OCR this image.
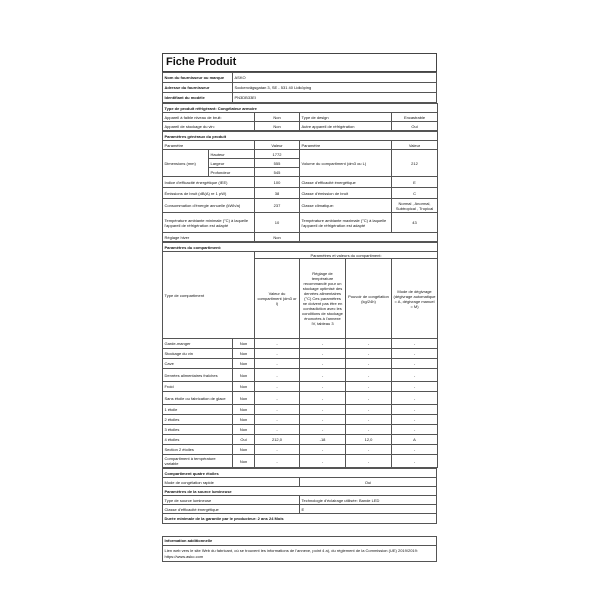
Fiche Produit
Nom du fournisseur ou marque	ASKO
Adresse du fournisseur	Sockenvägsgatan 3, SE - 531 40 Lidköping
Identifiant du modèle	PN3DB33EI
Type de produit réfrigérant: Congélateur armoire			
Appareil à faible niveau de bruit:	Non	Type de design	Encastrable
Appareil de stockage du vin:	Non	Autre appareil de réfrigération	Oui
Paramètres généraux du produit				
Paramètre		Valeur	Paramètre	Valeur
Dimensions (mm)	Hauteur	1772	Volume du compartiment (dm3 ou L)	212
	Largeur	555		
	Profondeur	545		
Indice d'efficacité énergétique (IEE)		100	Classe d'efficacité énergétique	E
Émissions de bruit (dB(A) re 1 pW)		38	Classe d'émission de bruit	C
Consommation d'énergie annuelle (kWh/a)		237	Classe climatique:	Normal , Anormal, Subtropical , Tropical
Température ambiante minimale (°C) à laquelle l'appareil de réfrigération est adapté		10	Température ambiante maximale (°C) à laquelle l'appareil de réfrigération est adapté	43
Réglage hiver		Non		
Paramètres du compartiment:					
Type de compartiment		Paramètres et valeurs du compartiment:			
		Valeur du compartiment (dm3 or l)	Réglage de température recommandé pour un stockage optimisé des denrées alimentaires (°C) Ces paramètres ne doivent pas être en contradiction avec les conditions de stockage énoncées à l'annexe IV, tableau 3	Pouvoir de congélation (kg/24h)	Mode de dégivrage (dégivrage automatique = A, dégivrage manuel = M)
Garde-manger	Non	-	-	-	-
Stockage du vin	Non	-	-	-	-
Cave	Non	-	-	-	-
Denrées alimentaires fraîches	Non	-	-	-	-
Froid	Non	-	-	-	-
Sans étoile ou fabrication de glace	Non	-	-	-	-
1 étoile	Non	-	-	-	-
2 étoiles	Non	-	-	-	-
3 étoiles	Non	-	-	-	-
4 étoiles	Oui	212,0	-18	12,0	A
Section 2 étoiles	Non	-	-	-	-
Compartiment à température variable	Non	-	-	-	-
Compartiment quatre étoiles	
Mode de congélation rapide	Oui
Paramètres de la source lumineuse	
Type de source lumineuse	Technologie d'éclairage utilisée: Bande LED
Classe d'efficacité énergétique	E
Durée minimale de la garantie par le producteur: 2 ans 24 Mois	
Information additionnelle
Lien web vers le site Web du fabricant, où se trouvent les informations de l'annexe, point 4 a), du règlement de la Commission (UE) 2019/2019: https://www.asko.com
